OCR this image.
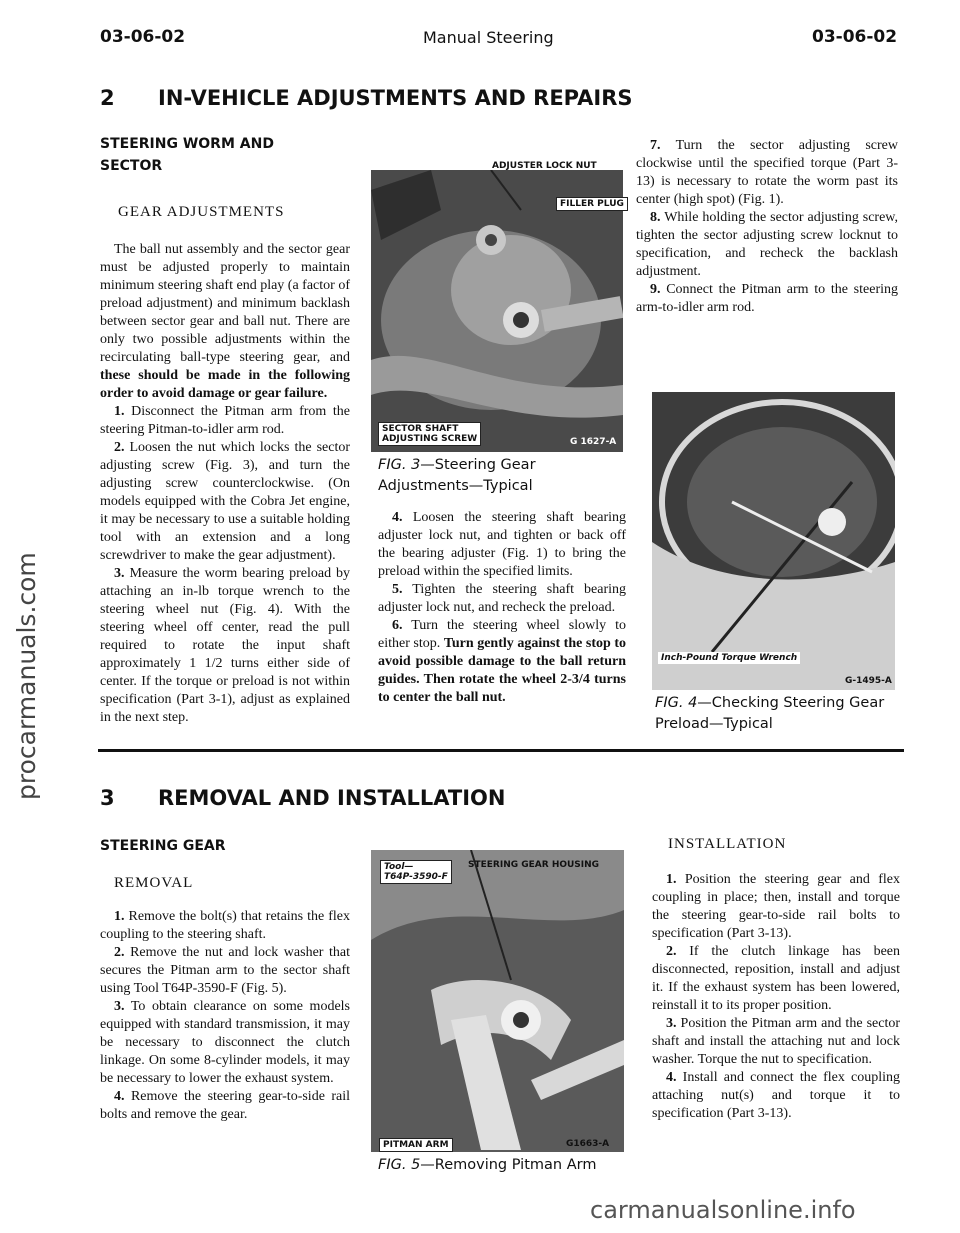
procarmanuals.com
03-06-02	Manual Steering	03-06-02
2 IN-VEHICLE ADJUSTMENTS AND REPAIRS
STEERING WORM AND
SECTOR
GEAR ADJUSTMENTS

The ball nut assembly and the sector gear must be adjusted properly to maintain minimum steering shaft end play (a factor of preload adjustment) and minimum backlash between sector gear and ball nut. There are only two possible adjustments within the recirculating ball-type steering gear, and these should be made in the following order to avoid damage or gear failure.

1. Disconnect the Pitman arm from the steering Pitman-to-idler arm rod.

2. Loosen the nut which locks the sector adjusting screw (Fig. 3), and turn the adjusting screw counterclockwise. (On models equipped with the Cobra Jet engine, it may be necessary to use a suitable holding tool with an extension and a long screwdriver to make the gear adjustment).

3. Measure the worm bearing preload by attaching an in-lb torque wrench to the steering wheel nut (Fig. 4). With the steering wheel off center, read the pull required to rotate the input shaft approximately 1 1/2 turns either side of center. If the torque or preload is not within specification (Part 3-1), adjust as explained in the next step.

ADJUSTER LOCK NUT
FILLER PLUG
SECTOR SHAFT
ADJUSTING SCREW	G 1627-A
FIG. 3—Steering Gear
Adjustments—Typical

4. Loosen the steering shaft bearing adjuster lock nut, and tighten or back off the bearing adjuster (Fig. 1) to bring the preload within the specified limits.

5. Tighten the steering shaft bearing adjuster lock nut, and recheck the preload.

6. Turn the steering wheel slowly to either stop. Turn gently against the stop to avoid possible damage to the ball return guides. Then rotate the wheel 2-3/4 turns to center the ball nut.

7. Turn the sector adjusting screw clockwise until the specified torque (Part 3-13) is necessary to rotate the worm past its center (high spot) (Fig. 1).

8. While holding the sector adjusting screw, tighten the sector adjusting screw locknut to specification, and recheck the backlash adjustment.

9. Connect the Pitman arm to the steering arm-to-idler arm rod.

Inch-Pound Torque Wrench
G-1495-A
FIG. 4—Checking Steering Gear
Preload—Typical
3 REMOVAL AND INSTALLATION
STEERING GEAR
REMOVAL

1. Remove the bolt(s) that retains the flex coupling to the steering shaft.

2. Remove the nut and lock washer that secures the Pitman arm to the sector shaft using Tool T64P-3590-F (Fig. 5).

3. To obtain clearance on some models equipped with standard transmission, it may be necessary to disconnect the clutch linkage. On some 8-cylinder models, it may be necessary to lower the exhaust system.

4. Remove the steering gear-to-side rail bolts and remove the gear.

Tool—
T64P-3590-F
STEERING GEAR HOUSING
PITMAN ARM	G1663-A
FIG. 5—Removing Pitman Arm
INSTALLATION

1. Position the steering gear and flex coupling in place; then, install and torque the steering gear-to-side rail bolts to specification (Part 3-13).

2. If the clutch linkage has been disconnected, reposition, install and adjust it. If the exhaust system has been lowered, reinstall it to its proper position.

3. Position the Pitman arm and the sector shaft and install the attaching nut and lock washer. Torque the nut to specification.

4. Install and connect the flex coupling attaching nut(s) and torque it to specification (Part 3-13).

carmanualsonline.info
